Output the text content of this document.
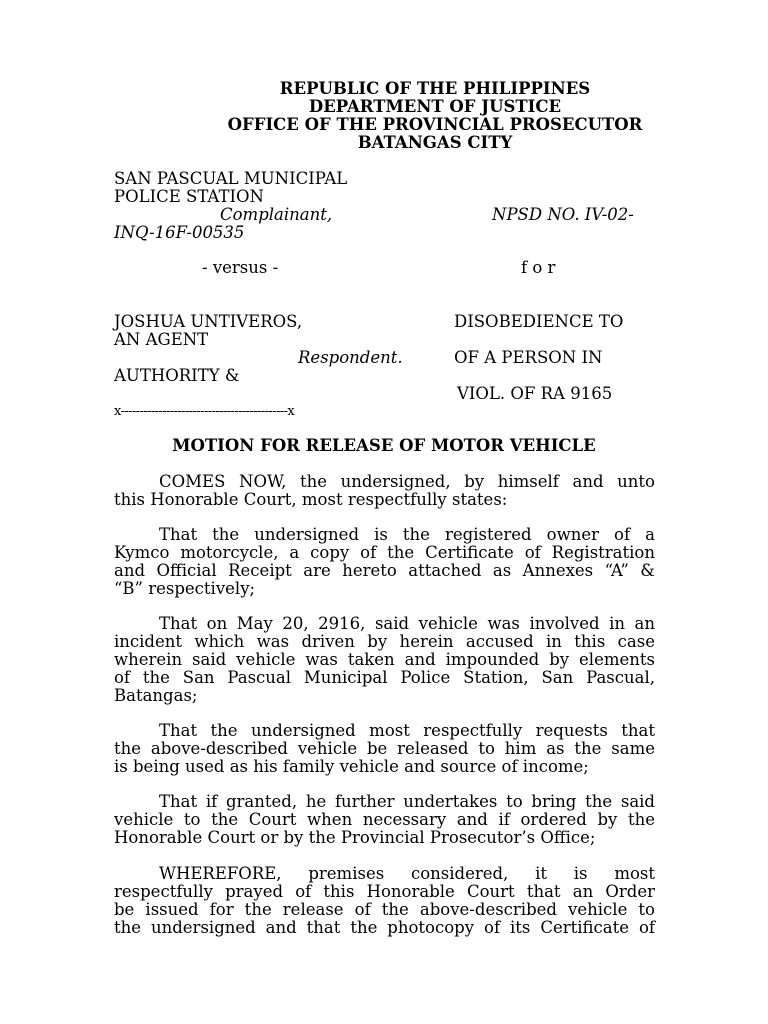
REPUBLIC OF THE PHILIPPINES
DEPARTMENT OF JUSTICE
OFFICE OF THE PROVINCIAL PROSECUTOR
BATANGAS CITY
SAN PASCUAL MUNICIPAL
POLICE STATION
Complainant,	NPSD NO. IV-02-
INQ-16F-00535
- versus -	f o r
JOSHUA UNTIVEROS,
AN AGENT
Respondent.
AUTHORITY &
DISOBEDIENCE TO
OF A PERSON IN
VIOL. OF RA 9165
x--------------------------------------------x
MOTION FOR RELEASE OF MOTOR VEHICLE
COMES NOW, the undersigned, by himself and unto
this Honorable Court, most respectfully states:
That the undersigned is the registered owner of a
Kymco motorcycle, a copy of the Certificate of Registration
and Official Receipt are hereto attached as Annexes “A” &
“B” respectively;
That on May 20, 2916, said vehicle was involved in an
incident which was driven by herein accused in this case
wherein said vehicle was taken and impounded by elements
of the San Pascual Municipal Police Station, San Pascual,
Batangas;
That the undersigned most respectfully requests that
the above-described vehicle be released to him as the same
is being used as his family vehicle and source of income;
That if granted, he further undertakes to bring the said
vehicle to the Court when necessary and if ordered by the
Honorable Court or by the Provincial Prosecutor’s Office;
WHEREFORE, premises considered, it is most
respectfully prayed of this Honorable Court that an Order
be issued for the release of the above-described vehicle to
the undersigned and that the photocopy of its Certificate of
